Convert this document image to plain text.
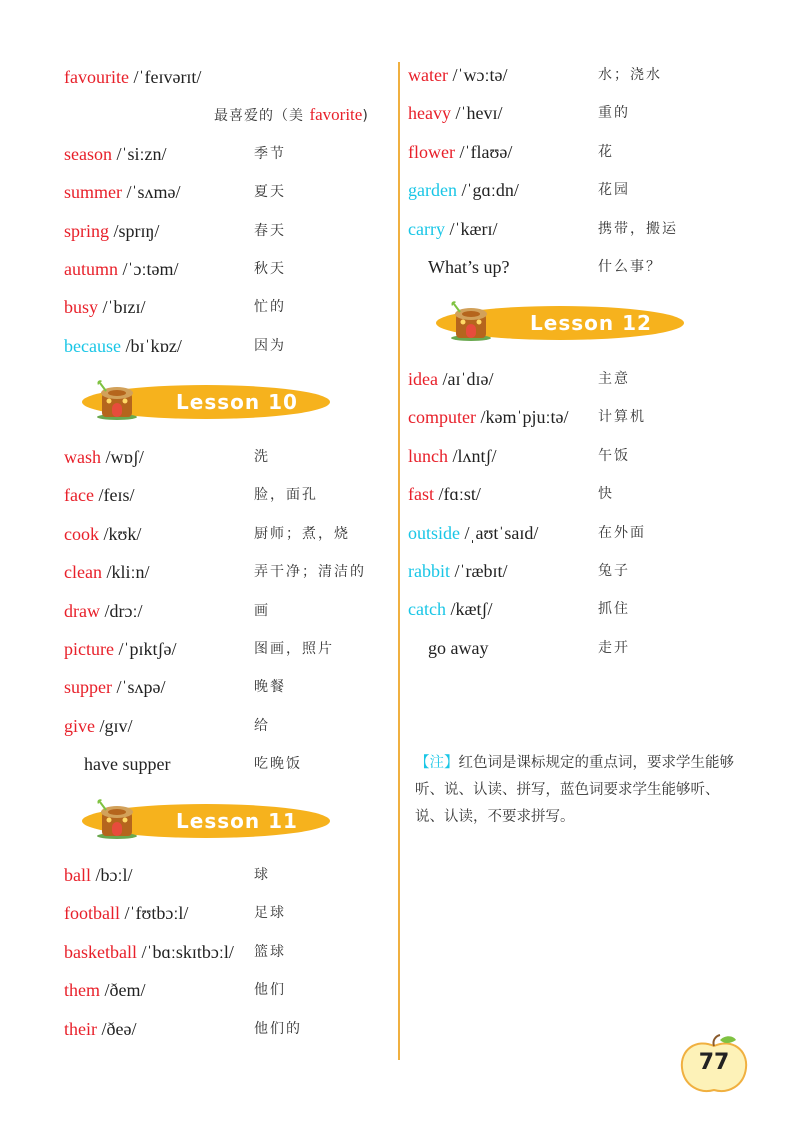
favourite /ˈfeɪvərɪt/
最喜爱的（美 favorite)
season /ˈsiːzn/	季节
summer /ˈsʌmə/	夏天
spring /sprɪŋ/	春天
autumn /ˈɔːtəm/	秋天
busy /ˈbɪzɪ/	忙的
because /bɪˈkɒz/	因为
Lesson 10
wash /wɒʃ/	洗
face /feɪs/	脸，面孔
cook /kʊk/	厨师；煮，烧
clean /kliːn/	弄干净；清洁的
draw /drɔː/	画
picture /ˈpɪktʃə/	图画，照片
supper /ˈsʌpə/	晚餐
give /gɪv/	给
have supper	吃晚饭
Lesson 11
ball /bɔːl/	球
football /ˈfʊtbɔːl/	足球
basketball /ˈbɑːskɪtbɔːl/ 篮球
them /ðem/	他们
their /ðeə/	他们的
water /ˈwɔːtə/	水；浇水
heavy /ˈhevɪ/	重的
flower /ˈflaʊə/	花
garden /ˈgɑːdn/	花园
carry /ˈkærɪ/	携带，搬运
What’s up?	什么事？
Lesson 12
idea /aɪˈdɪə/	主意
computer /kəmˈpjuːtə/ 计算机
lunch /lʌntʃ/	午饭
fast /fɑːst/	快
outside /ˌaʊtˈsaɪd/	在外面
rabbit /ˈræbɪt/	兔子
catch /kætʃ/	抓住
go away	走开
【注】红色词是课标规定的重点词，要求学生能够听、说、认读、拼写，蓝色词要求学生能够听、说、认读，不要求拼写。
77
